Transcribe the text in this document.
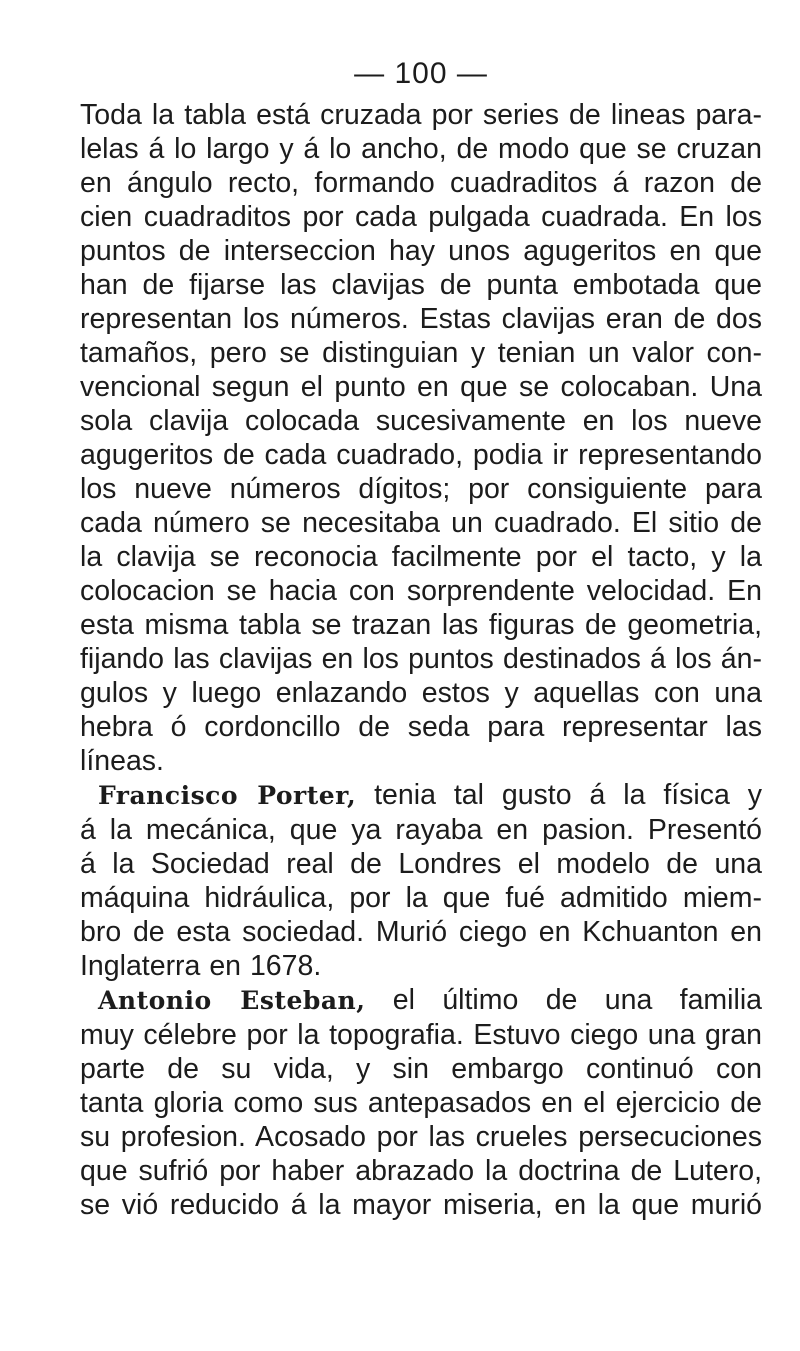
— 100 —
Toda la tabla está cruzada por series de lineas para-
lelas á lo largo y á lo ancho, de modo que se cruzan
en ángulo recto, formando cuadraditos á razon de
cien cuadraditos por cada pulgada cuadrada. En los
puntos de interseccion hay unos agugeritos en que
han de fijarse las clavijas de punta embotada que
representan los números. Estas clavijas eran de dos
tamaños, pero se distinguian y tenian un valor con-
vencional segun el punto en que se colocaban. Una
sola clavija colocada sucesivamente en los nueve
agugeritos de cada cuadrado, podia ir representando
los nueve números dígitos; por consiguiente para
cada número se necesitaba un cuadrado. El sitio de
la clavija se reconocia facilmente por el tacto, y la
colocacion se hacia con sorprendente velocidad. En
esta misma tabla se trazan las figuras de geometria,
fijando las clavijas en los puntos destinados á los án-
gulos y luego enlazando estos y aquellas con una
hebra ó cordoncillo de seda para representar las
líneas.
Francisco Porter, tenia tal gusto á la física y
á la mecánica, que ya rayaba en pasion. Presentó
á la Sociedad real de Londres el modelo de una
máquina hidráulica, por la que fué admitido miem-
bro de esta sociedad. Murió ciego en Kchuanton en
Inglaterra en 1678.
Antonio Esteban, el último de una familia
muy célebre por la topografia. Estuvo ciego una gran
parte de su vida, y sin embargo continuó con
tanta gloria como sus antepasados en el ejercicio de
su profesion. Acosado por las crueles persecuciones
que sufrió por haber abrazado la doctrina de Lutero,
se vió reducido á la mayor miseria, en la que murió
